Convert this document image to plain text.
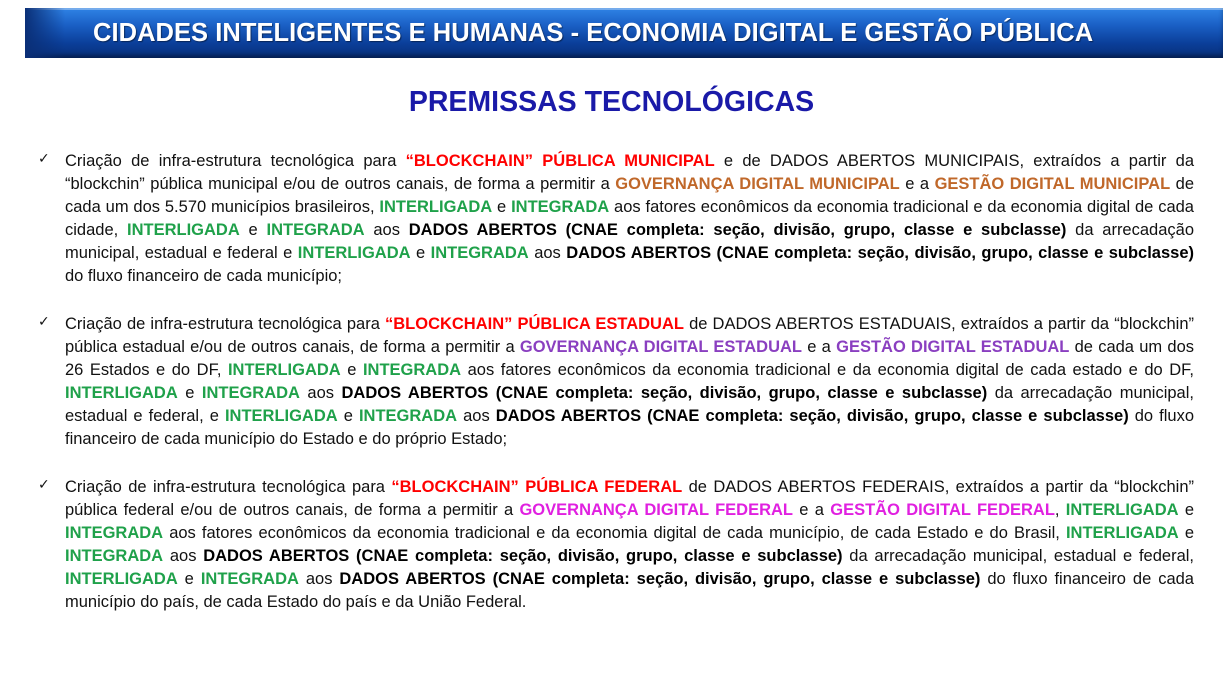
CIDADES INTELIGENTES E HUMANAS - ECONOMIA DIGITAL E GESTÃO PÚBLICA
PREMISSAS TECNOLÓGICAS
✓ Criação de infra-estrutura tecnológica para “BLOCKCHAIN” PÚBLICA MUNICIPAL e de DADOS ABERTOS MUNICIPAIS, extraídos a partir da “blockchin” pública municipal e/ou de outros canais, de forma a permitir a GOVERNANÇA DIGITAL MUNICIPAL e a GESTÃO DIGITAL MUNICIPAL de cada um dos 5.570 municípios brasileiros, INTERLIGADA e INTEGRADA aos fatores econômicos da economia tradicional e da economia digital de cada cidade, INTERLIGADA e INTEGRADA aos DADOS ABERTOS (CNAE completa: seção, divisão, grupo, classe e subclasse) da arrecadação municipal, estadual e federal e INTERLIGADA e INTEGRADA aos DADOS ABERTOS (CNAE completa: seção, divisão, grupo, classe e subclasse) do fluxo financeiro de cada município;

✓ Criação de infra-estrutura tecnológica para “BLOCKCHAIN” PÚBLICA ESTADUAL de DADOS ABERTOS ESTADUAIS, extraídos a partir da “blockchin” pública estadual e/ou de outros canais, de forma a permitir a GOVERNANÇA DIGITAL ESTADUAL e a GESTÃO DIGITAL ESTADUAL de cada um dos 26 Estados e do DF, INTERLIGADA e INTEGRADA aos fatores econômicos da economia tradicional e da economia digital de cada estado e do DF, INTERLIGADA e INTEGRADA aos DADOS ABERTOS (CNAE completa: seção, divisão, grupo, classe e subclasse) da arrecadação municipal, estadual e federal, e INTERLIGADA e INTEGRADA aos DADOS ABERTOS (CNAE completa: seção, divisão, grupo, classe e subclasse) do fluxo financeiro de cada município do Estado e do próprio Estado;

✓ Criação de infra-estrutura tecnológica para “BLOCKCHAIN” PÚBLICA FEDERAL de DADOS ABERTOS FEDERAIS, extraídos a partir da “blockchin” pública federal e/ou de outros canais, de forma a permitir a GOVERNANÇA DIGITAL FEDERAL e a GESTÃO DIGITAL FEDERAL, INTERLIGADA e INTEGRADA aos fatores econômicos da economia tradicional e da economia digital de cada município, de cada Estado e do Brasil, INTERLIGADA e INTEGRADA aos DADOS ABERTOS (CNAE completa: seção, divisão, grupo, classe e subclasse) da arrecadação municipal, estadual e federal, INTERLIGADA e INTEGRADA aos DADOS ABERTOS (CNAE completa: seção, divisão, grupo, classe e subclasse) do fluxo financeiro de cada município do país, de cada Estado do país e da União Federal.
